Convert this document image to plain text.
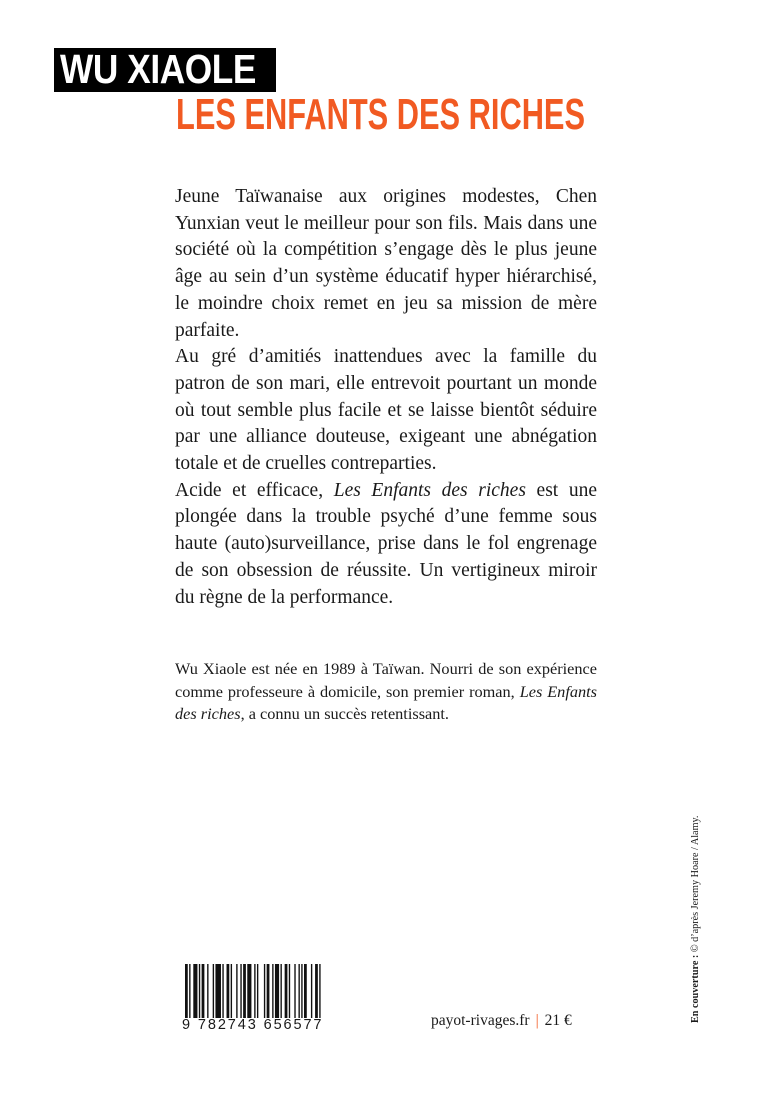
WU XIAOLE
LES ENFANTS DES RICHES

Jeune Taïwanaise aux origines modestes, Chen Yunxian veut le meilleur pour son fils. Mais dans une société où la compétition s’engage dès le plus jeune âge au sein d’un système éducatif hyper hiérarchisé, le moindre choix remet en jeu sa mission de mère parfaite.

Au gré d’amitiés inattendues avec la famille du patron de son mari, elle entrevoit pourtant un monde où tout semble plus facile et se laisse bientôt séduire par une alliance douteuse, exigeant une abnégation totale et de cruelles contreparties.

Acide et efficace, Les Enfants des riches est une plongée dans la trouble psyché d’une femme sous haute (auto)surveillance, prise dans le fol engrenage de son obsession de réussite. Un vertigineux miroir du règne de la performance.

Wu Xiaole est née en 1989 à Taïwan. Nourri de son expérience comme professeure à domicile, son premier roman, Les Enfants des riches, a connu un succès retentissant.

En couverture : © d’après Jeremy Hoare / Alamy.
9 782743 656577	payot-rivages.fr | 21 €
